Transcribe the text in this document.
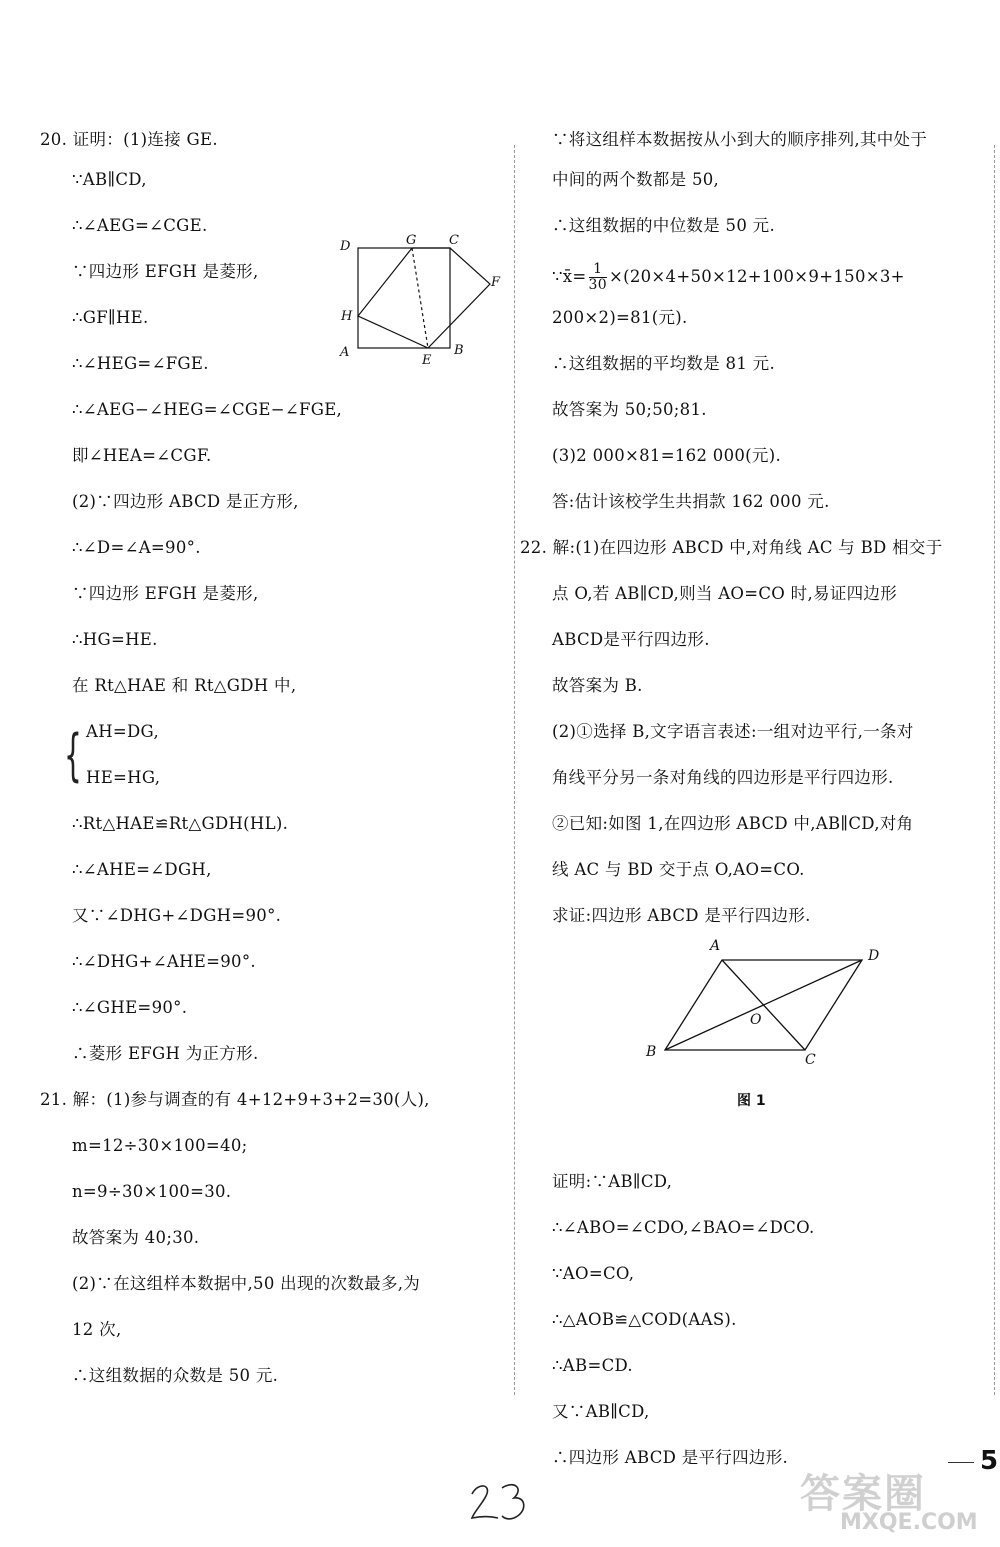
20. 证明：(1)连接 GE.
∵AB∥CD,
∴∠AEG=∠CGE.
∵四边形 EFGH 是菱形,
∴GF∥HE.
∴∠HEG=∠FGE.
∴∠AEG−∠HEG=∠CGE−∠FGE,
即∠HEA=∠CGF.
(2)∵四边形 ABCD 是正方形,
∴∠D=∠A=90°.
∵四边形 EFGH 是菱形,
∴HG=HE.
在 Rt△HAE 和 Rt△GDH 中,
AH=DG,
HE=HG,
∴Rt△HAE≌Rt△GDH(HL).
∴∠AHE=∠DGH,
又∵∠DHG+∠DGH=90°.
∴∠DHG+∠AHE=90°.
∴∠GHE=90°.
∴菱形 EFGH 为正方形.
21. 解：(1)参与调查的有 4+12+9+3+2=30(人),
m=12÷30×100=40;
n=9÷30×100=30.
故答案为 40;30.
(2)∵在这组样本数据中,50 出现的次数最多,为
12 次,
∴这组数据的众数是 50 元.
{
∵将这组样本数据按从小到大的顺序排列,其中处于
中间的两个数都是 50,
∴这组数据的中位数是 50 元.
∵x̄= $\frac{1}{30} \times(20\times 4+50\times 12+100\times 9+150\times 3+$
200×2)=81(元).
∴这组数据的平均数是 81 元.
故答案为 50;50;81.
(3)2 000×81=162 000(元).
答:估计该校学生共捐款 162 000 元.
22. 解:(1)在四边形 ABCD 中,对角线 AC 与 BD 相交于
点 O,若 AB∥CD,则当 AO=CO 时,易证四边形
ABCD是平行四边形.
故答案为 B.
(2)①选择 B,文字语言表述:一组对边平行,一条对
角线平分另一条对角线的四边形是平行四边形.
②已知:如图 1,在四边形 ABCD 中,AB∥CD,对角
线 AC 与 BD 交于点 O,AO=CO.
求证:四边形 ABCD 是平行四边形.
证明:∵AB∥CD,
∴∠ABO=∠CDO,∠BAO=∠DCO.
∵AO=CO,
∴△AOB≌△COD(AAS).
∴AB=CD.
又∵AB∥CD,
∴四边形 ABCD 是平行四边形.
D	G	C
F
H
A
E
B
A
D
O
B	C
图 1
5
答案圈
MXQE.COM
